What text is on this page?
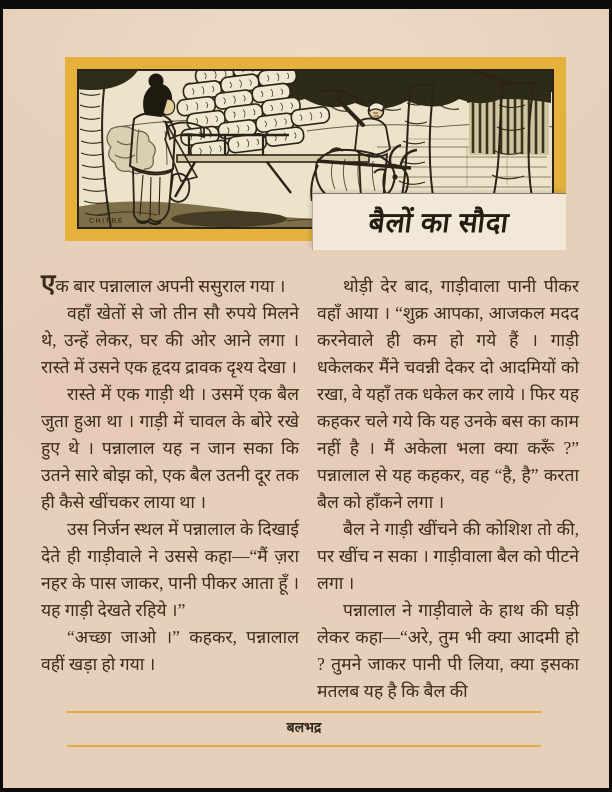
CHITRE	बैलों का सौदा

एक बार पन्नालाल अपनी ससुराल गया ।

वहाँ खेतों से जो तीन सौ रुपये मिलने थे, उन्हें लेकर, घर की ओर आने लगा । रास्ते में उसने एक हृदय द्रावक दृश्य देखा ।

रास्ते में एक गाड़ी थी । उसमें एक बैल जुता हुआ था । गाड़ी में चावल के बोरे रखे हुए थे । पन्नालाल यह न जान सका कि उतने सारे बोझ को, एक बैल उतनी दूर तक ही कैसे खींचकर लाया था ।

उस निर्जन स्थल में पन्नालाल के दिखाई देते ही गाड़ीवाले ने उससे कहा—“मैं ज़रा नहर के पास जाकर, पानी पीकर आता हूँ । यह गाड़ी देखते रहिये ।”

“अच्छा जाओ ।” कहकर, पन्नालाल वहीं खड़ा हो गया ।

थोड़ी देर बाद, गाड़ीवाला पानी पीकर वहाँ आया । “शुक्र आपका, आजकल मदद करनेवाले ही कम हो गये हैं । गाड़ी धकेलकर मैंने चवन्नी देकर दो आदमियों को रखा, वे यहाँ तक धकेल कर लाये । फिर यह कहकर चले गये कि यह उनके बस का काम नहीं है । मैं अकेला भला क्या करूँ ?” पन्नालाल से यह कहकर, वह “है, है” करता बैल को हाँकने लगा ।

बैल ने गाड़ी खींचने की कोशिश तो की, पर खींच न सका । गाड़ीवाला बैल को पीटने लगा ।

पन्नालाल ने गाड़ीवाले के हाथ की घड़ी लेकर कहा—“अरे, तुम भी क्या आदमी हो ? तुमने जाकर पानी पी लिया, क्या इसका मतलब यह है कि बैल की

बलभद्र
